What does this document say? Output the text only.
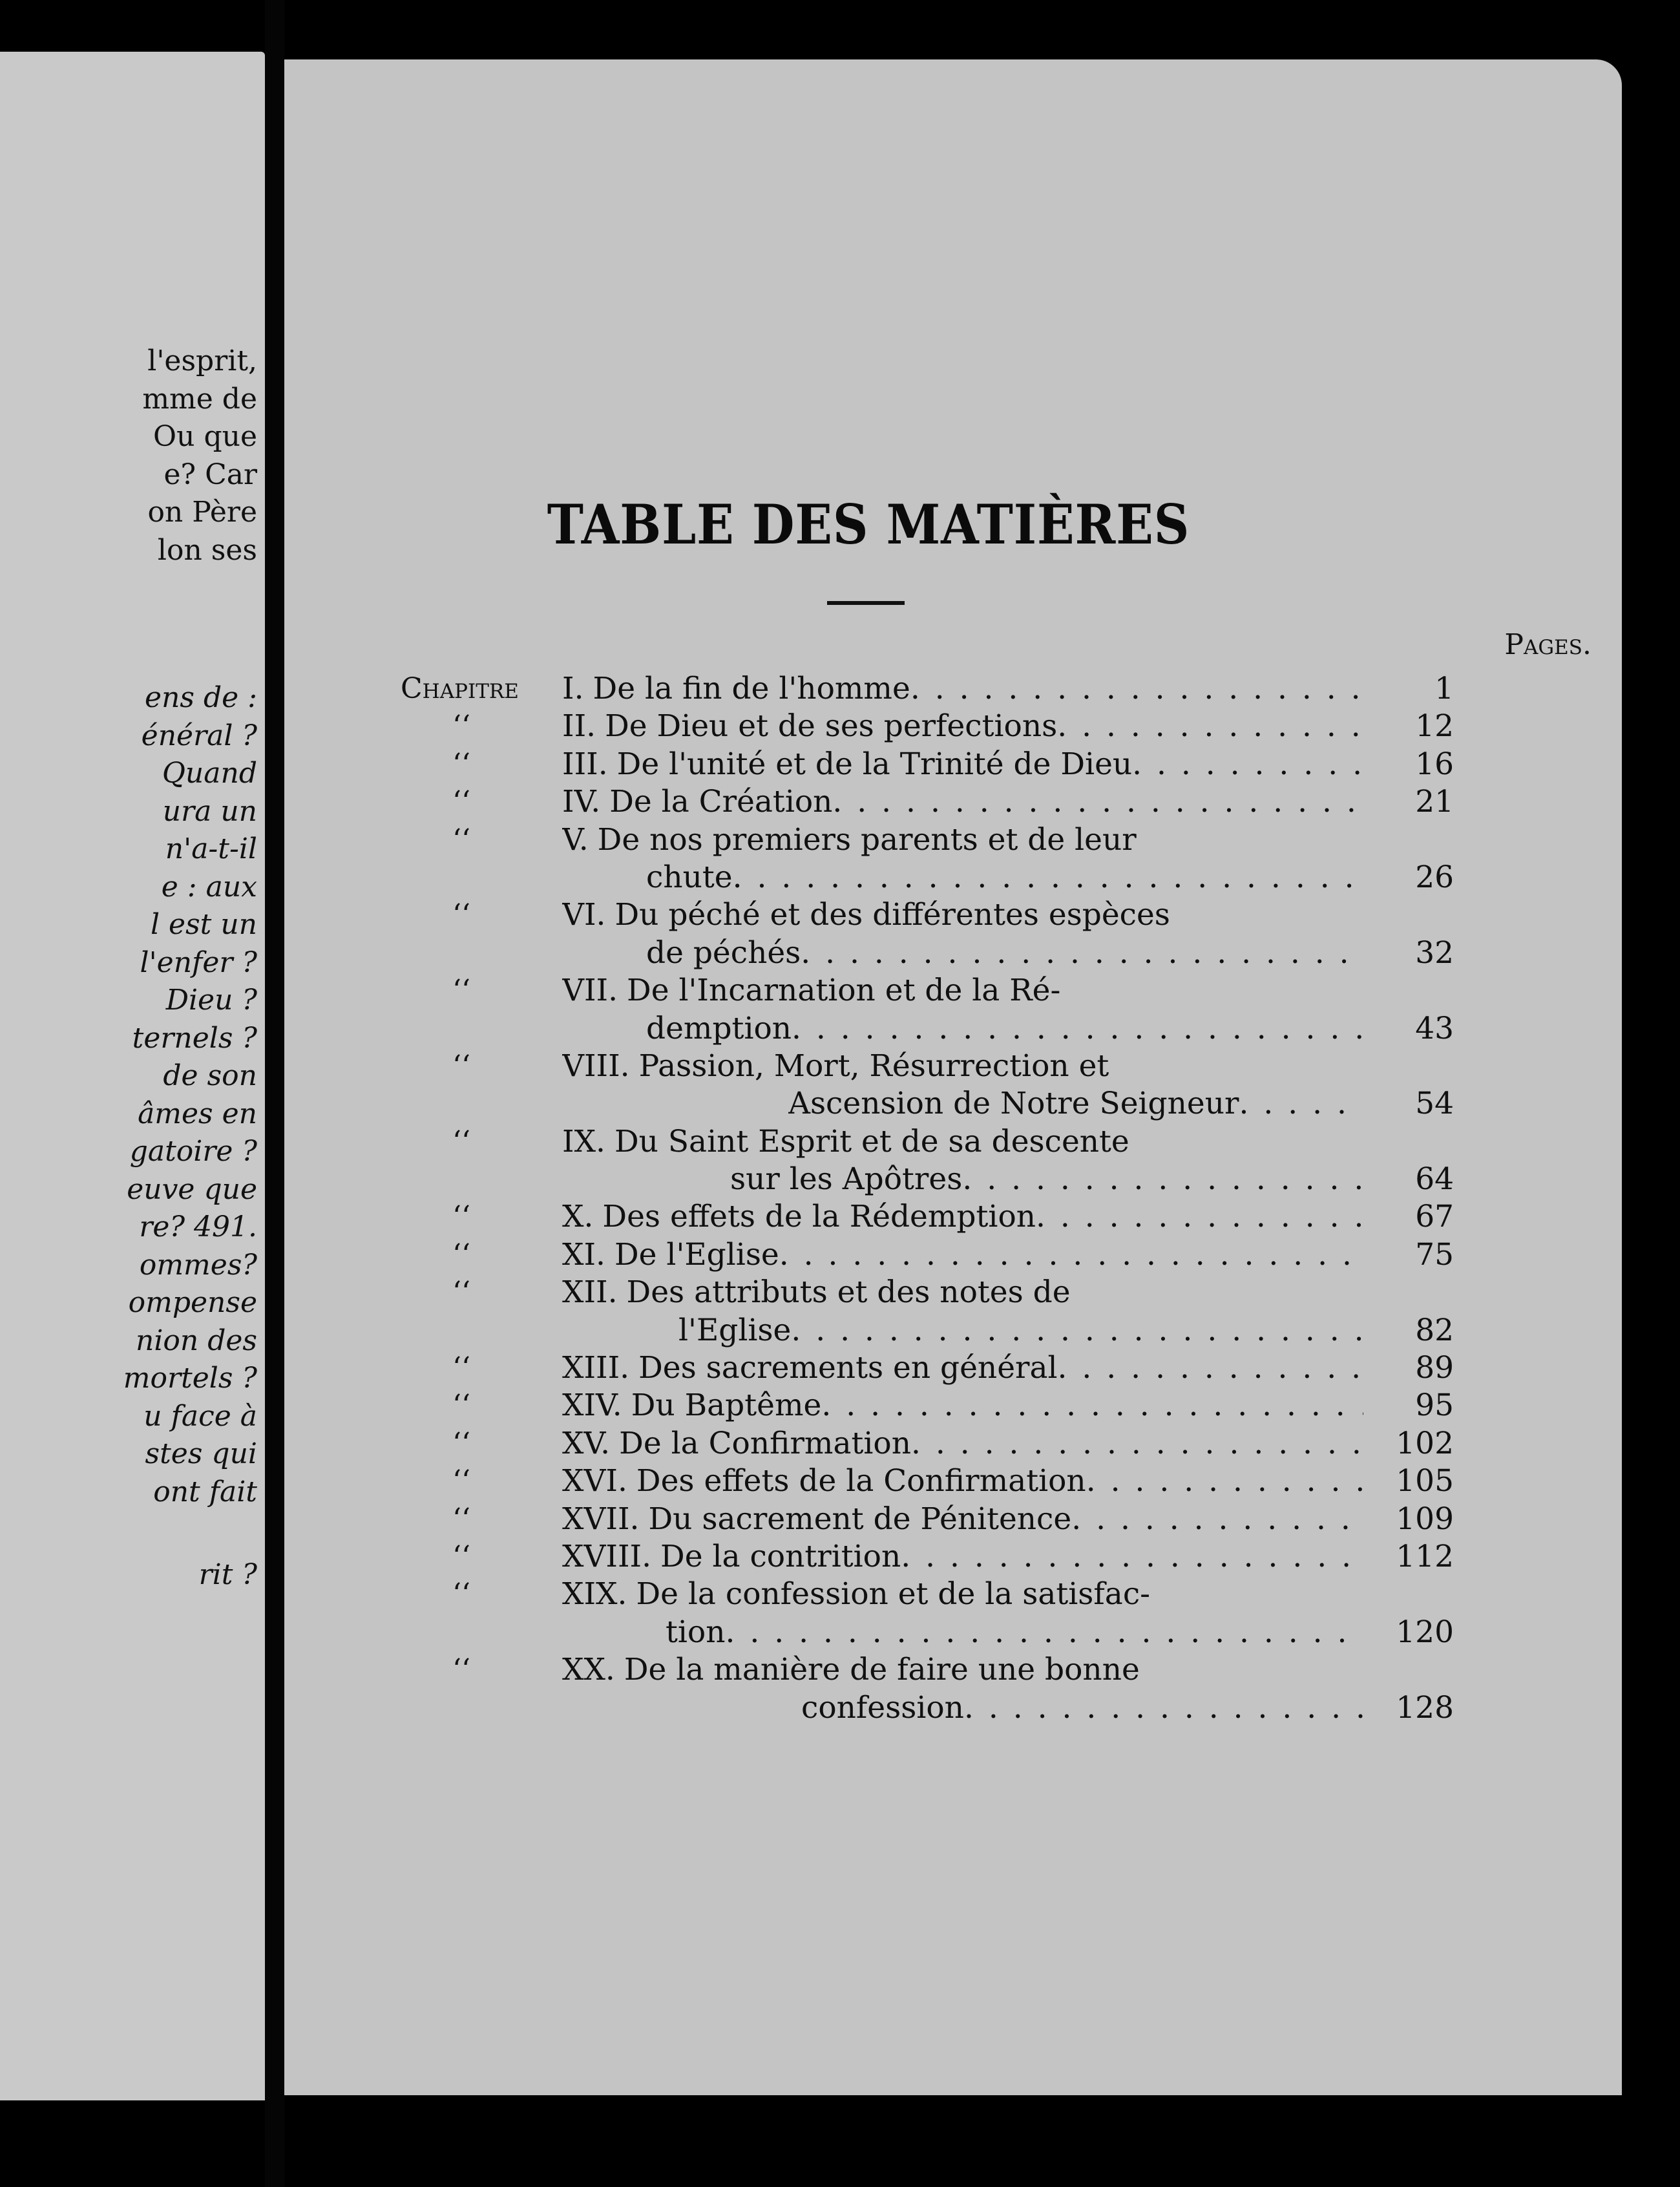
l'esprit,
mme de
Ou que
e? Car
on Père
lon ses
ens de :
énéral ?
Quand
ura un
n'a-t-il
e : aux
l est un
l'enfer ?
Dieu ?
ternels ?
de son
âmes en
gatoire ?
euve que
re? 491.
ommes?
ompense
nion des
mortels ?
u face à
stes qui
ont fait
rit ?
TABLE DES MATIÈRES
Pages.
Chapitre	I. De la fin de l'homme . . .	1
‘‘	II. De Dieu et de ses perfections . . .	12
‘‘	III. De l'unité et de la Trinité de Dieu . . .	16
‘‘	IV. De la Création . . .	21
‘‘	V. De nos premiers parents et de leur
chute . . .	26
‘‘	VI. Du péché et des différentes espèces
de péchés . . .	32
‘‘	VII. De l'Incarnation et de la Ré-
demption . . .	43
‘‘	VIII. Passion, Mort, Résurrection et
Ascension de Notre Seigneur . . .	54
‘‘	IX. Du Saint Esprit et de sa descente
sur les Apôtres . . .	64
‘‘	X. Des effets de la Rédemption . . .	67
‘‘	XI. De l'Eglise . . .	75
‘‘	XII. Des attributs et des notes de
l'Eglise . . .	82
‘‘	XIII. Des sacrements en général . . .	89
‘‘	XIV. Du Baptême . . .	95
‘‘	XV. De la Confirmation . . .	102
‘‘	XVI. Des effets de la Confirmation . . .	105
‘‘	XVII. Du sacrement de Pénitence . . .	109
‘‘	XVIII. De la contrition . . .	112
‘‘	XIX. De la confession et de la satisfac-
tion . . .	120
‘‘	XX. De la manière de faire une bonne
confession . . .	128
